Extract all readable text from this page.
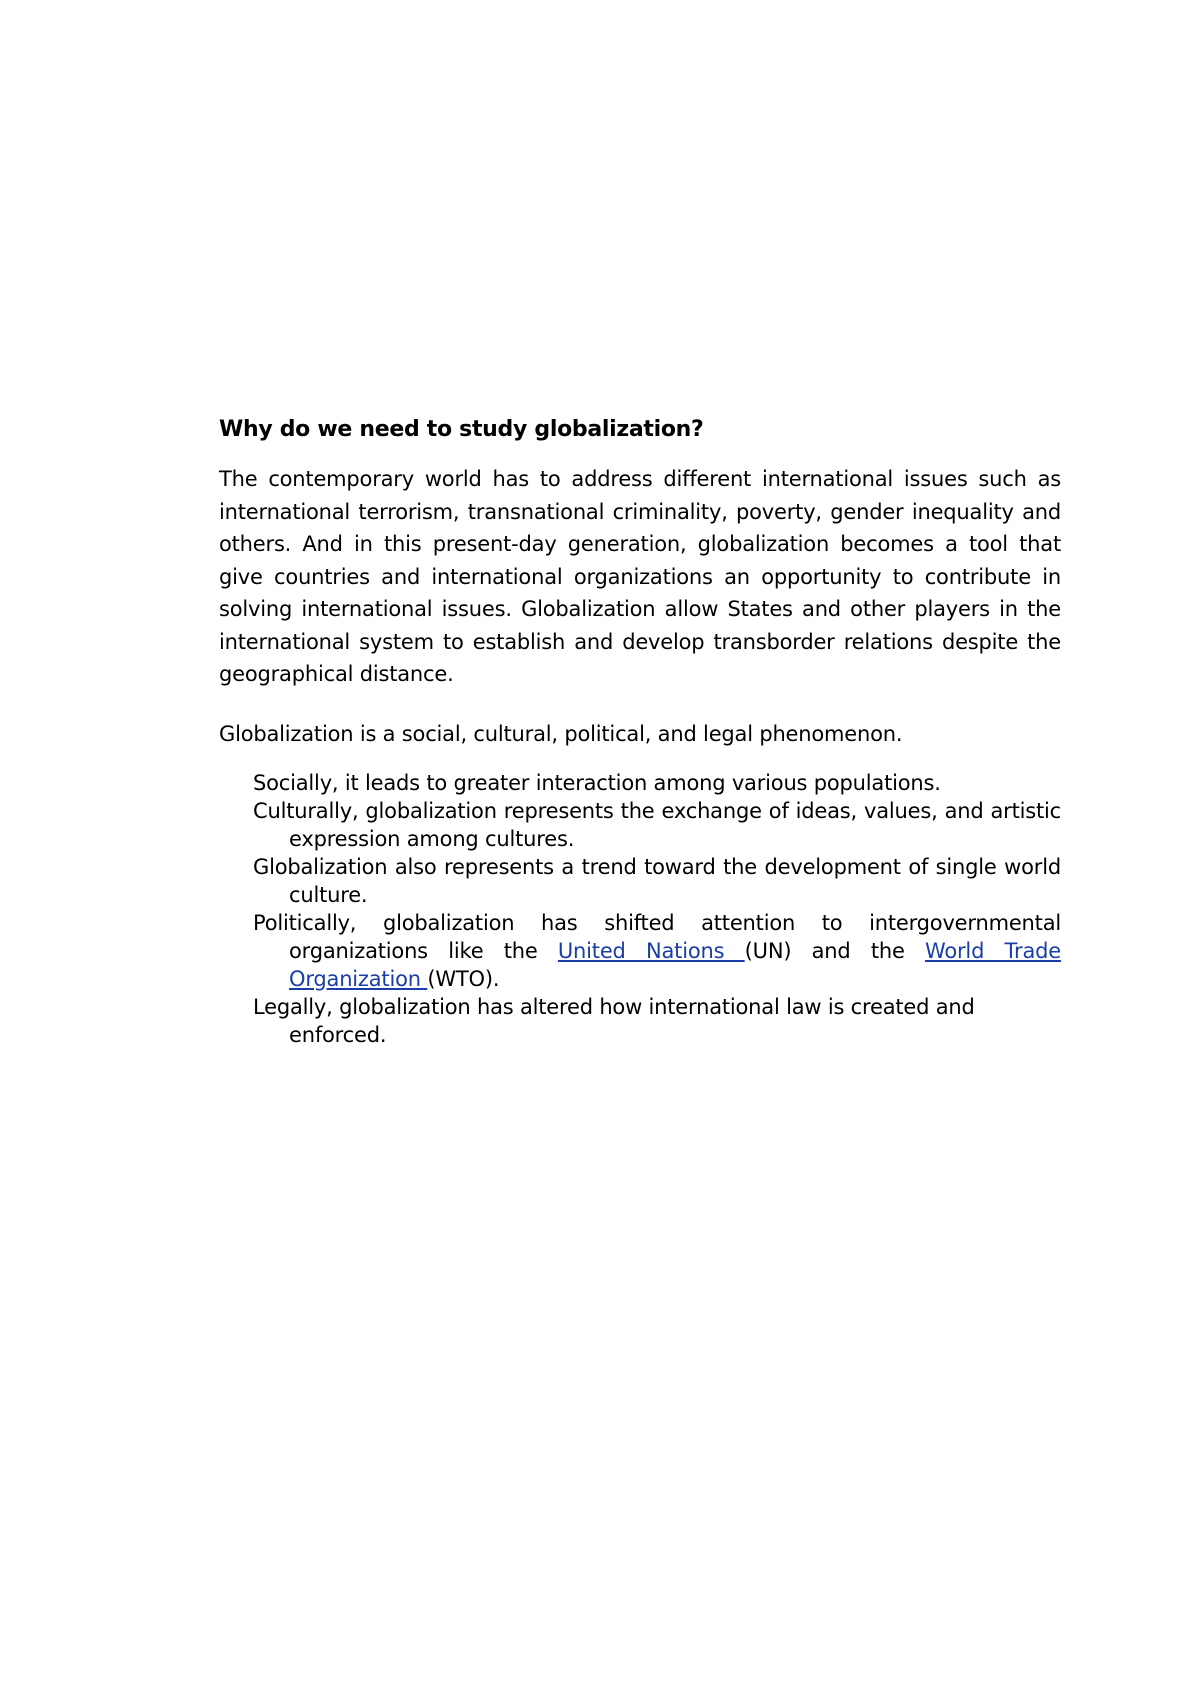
Why do we need to study globalization?

The contemporary world has to address different international issues such as international terrorism, transnational criminality, poverty, gender inequality and others. And in this present-day generation, globalization becomes a tool that give countries and international organizations an opportunity to contribute in solving international issues. Globalization allow States and other players in the international system to establish and develop transborder relations despite the geographical distance.

Globalization is a social, cultural, political, and legal phenomenon.

Socially, it leads to greater interaction among various populations.
Culturally, globalization represents the exchange of ideas, values, and artistic expression among cultures.
Globalization also represents a trend toward the development of single world culture.
Politically, globalization has shifted attention to intergovernmental organizations like the United Nations (UN) and the World Trade Organization (WTO).
Legally, globalization has altered how international law is created and enforced.
